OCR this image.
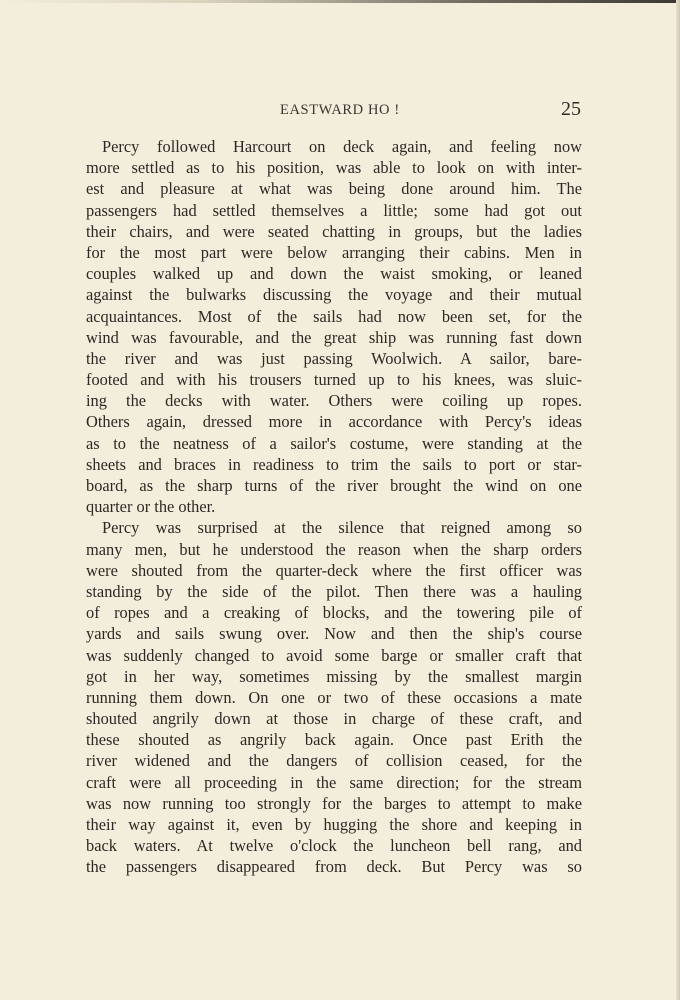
EASTWARD HO !	25
Percy followed Harcourt on deck again, and feeling now
more settled as to his position, was able to look on with inter-
est and pleasure at what was being done around him. The
passengers had settled themselves a little; some had got out
their chairs, and were seated chatting in groups, but the ladies
for the most part were below arranging their cabins. Men in
couples walked up and down the waist smoking, or leaned
against the bulwarks discussing the voyage and their mutual
acquaintances. Most of the sails had now been set, for the
wind was favourable, and the great ship was running fast down
the river and was just passing Woolwich. A sailor, bare-
footed and with his trousers turned up to his knees, was sluic-
ing the decks with water. Others were coiling up ropes.
Others again, dressed more in accordance with Percy's ideas
as to the neatness of a sailor's costume, were standing at the
sheets and braces in readiness to trim the sails to port or star-
board, as the sharp turns of the river brought the wind on one
quarter or the other.
Percy was surprised at the silence that reigned among so
many men, but he understood the reason when the sharp orders
were shouted from the quarter-deck where the first officer was
standing by the side of the pilot. Then there was a hauling
of ropes and a creaking of blocks, and the towering pile of
yards and sails swung over. Now and then the ship's course
was suddenly changed to avoid some barge or smaller craft that
got in her way, sometimes missing by the smallest margin
running them down. On one or two of these occasions a mate
shouted angrily down at those in charge of these craft, and
these shouted as angrily back again. Once past Erith the
river widened and the dangers of collision ceased, for the
craft were all proceeding in the same direction; for the stream
was now running too strongly for the barges to attempt to make
their way against it, even by hugging the shore and keeping in
back waters. At twelve o'clock the luncheon bell rang, and
the passengers disappeared from deck. But Percy was so
